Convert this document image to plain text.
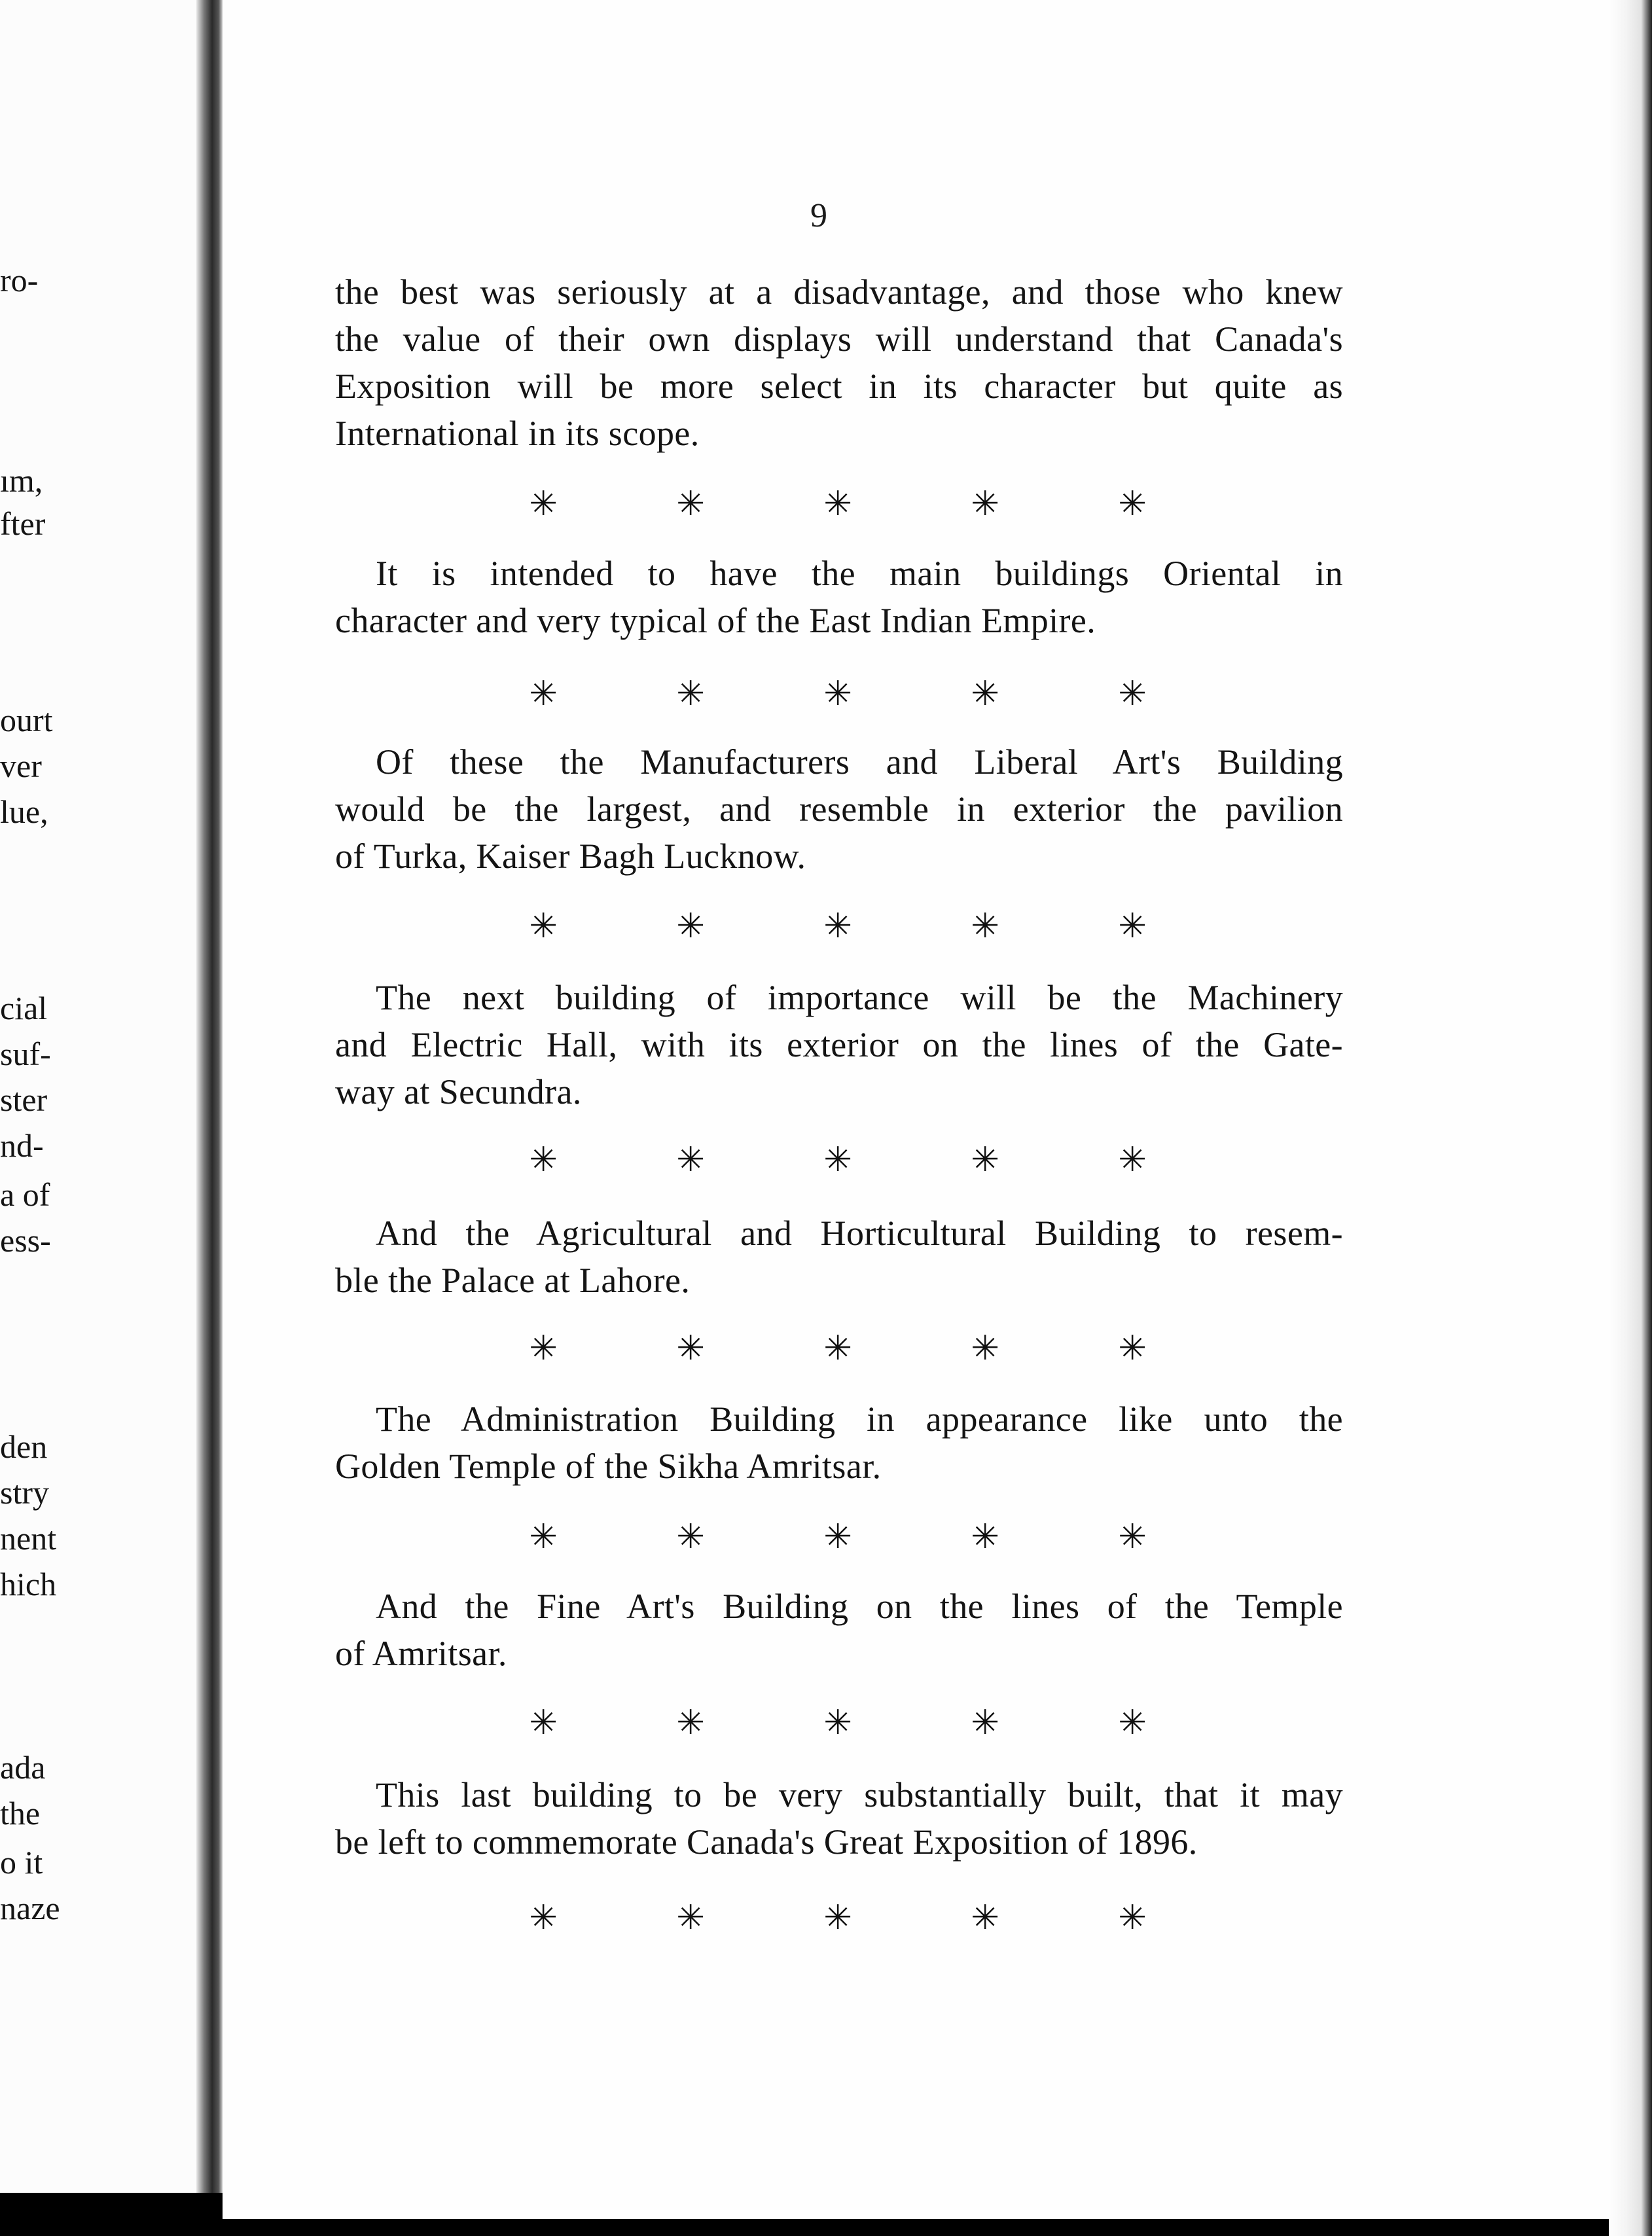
ro-
ım,
fter
ourt
ver
lue,
cial
suf-
ster
nd-
a of
ess-
den
stry
nent
hich
ada
the
o it
naze
9
the best was seriously at a disadvantage, and those who knew
the value of their own displays will understand that Canada's
Exposition will be more select in its character but quite as
International in its scope.
✳	✳	✳	✳	✳
It is intended to have the main buildings Oriental in
character and very typical of the East Indian Empire.
✳	✳	✳	✳	✳
Of these the Manufacturers and Liberal Art's Building
would be the largest, and resemble in exterior the pavilion
of Turka, Kaiser Bagh Lucknow.
✳	✳	✳	✳	✳
The next building of importance will be the Machinery
and Electric Hall, with its exterior on the lines of the Gate-
way at Secundra.
✳	✳	✳	✳	✳
And the Agricultural and Horticultural Building to resem-
ble the Palace at Lahore.
✳	✳	✳	✳	✳
The Administration Building in appearance like unto the
Golden Temple of the Sikha Amritsar.
✳	✳	✳	✳	✳
And the Fine Art's Building on the lines of the Temple
of Amritsar.
✳	✳	✳	✳	✳
This last building to be very substantially built, that it may
be left to commemorate Canada's Great Exposition of 1896.
✳	✳	✳	✳	✳
